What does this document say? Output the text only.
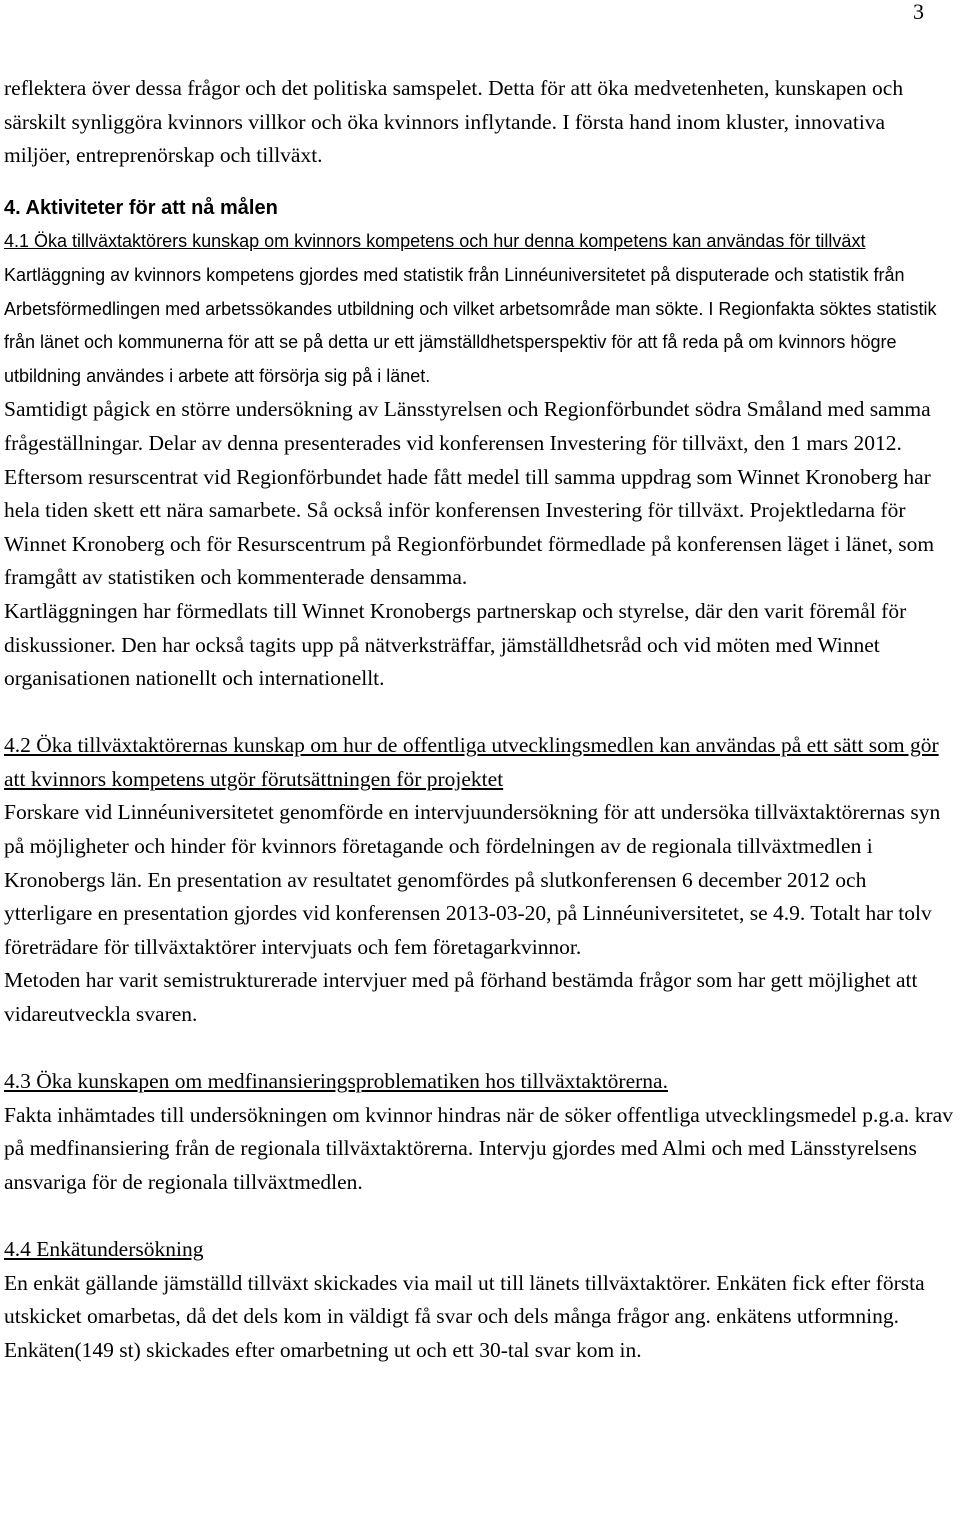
3

reflektera över dessa frågor och det politiska samspelet. Detta för att öka medvetenheten, kunskapen och särskilt synliggöra kvinnors villkor och öka kvinnors inflytande. I första hand inom kluster, innovativa miljöer, entreprenörskap och tillväxt.

4. Aktiviteter för att nå målen

4.1 Öka tillväxtaktörers kunskap om kvinnors kompetens och hur denna kompetens kan användas för tillväxt

Kartläggning av kvinnors kompetens gjordes med statistik från Linnéuniversitetet på disputerade och statistik från Arbetsförmedlingen med arbetssökandes utbildning och vilket arbetsområde man sökte. I Regionfakta söktes statistik från länet och kommunerna för att se på detta ur ett jämställdhetsperspektiv för att få reda på om kvinnors högre utbildning användes i arbete att försörja sig på i länet.

Samtidigt pågick en större undersökning av Länsstyrelsen och Regionförbundet södra Småland med samma frågeställningar. Delar av denna presenterades vid konferensen Investering för tillväxt, den 1 mars 2012. Eftersom resurscentrat vid Regionförbundet hade fått medel till samma uppdrag som Winnet Kronoberg har hela tiden skett ett nära samarbete. Så också inför konferensen Investering för tillväxt. Projektledarna för Winnet Kronoberg och för Resurscentrum på Regionförbundet förmedlade på konferensen läget i länet, som framgått av statistiken och kommenterade densamma.

Kartläggningen har förmedlats till Winnet Kronobergs partnerskap och styrelse, där den varit föremål för diskussioner. Den har också tagits upp på nätverksträffar, jämställdhetsråd och vid möten med Winnet organisationen nationellt och internationellt.

4.2 Öka tillväxtaktörernas kunskap om hur de offentliga utvecklingsmedlen kan användas på ett sätt som gör att kvinnors kompetens utgör förutsättningen för projektet

Forskare vid Linnéuniversitetet genomförde en intervjuundersökning för att undersöka tillväxtaktörernas syn på möjligheter och hinder för kvinnors företagande och fördelningen av de regionala tillväxtmedlen i Kronobergs län. En presentation av resultatet genomfördes på slutkonferensen 6 december 2012 och ytterligare en presentation gjordes vid konferensen 2013-03-20, på Linnéuniversitetet, se 4.9. Totalt har tolv företrädare för tillväxtaktörer intervjuats och fem företagarkvinnor.

Metoden har varit semistrukturerade intervjuer med på förhand bestämda frågor som har gett möjlighet att vidareutveckla svaren.

4.3 Öka kunskapen om medfinansieringsproblematiken hos tillväxtaktörerna.

Fakta inhämtades till undersökningen om kvinnor hindras när de söker offentliga utvecklingsmedel p.g.a. krav på medfinansiering från de regionala tillväxtaktörerna. Intervju gjordes med Almi och med Länsstyrelsens ansvariga för de regionala tillväxtmedlen.

4.4 Enkätundersökning

En enkät gällande jämställd tillväxt skickades via mail ut till länets tillväxtaktörer. Enkäten fick efter första utskicket omarbetas, då det dels kom in väldigt få svar och dels många frågor ang. enkätens utformning. Enkäten(149 st) skickades efter omarbetning ut och ett 30-tal svar kom in.
